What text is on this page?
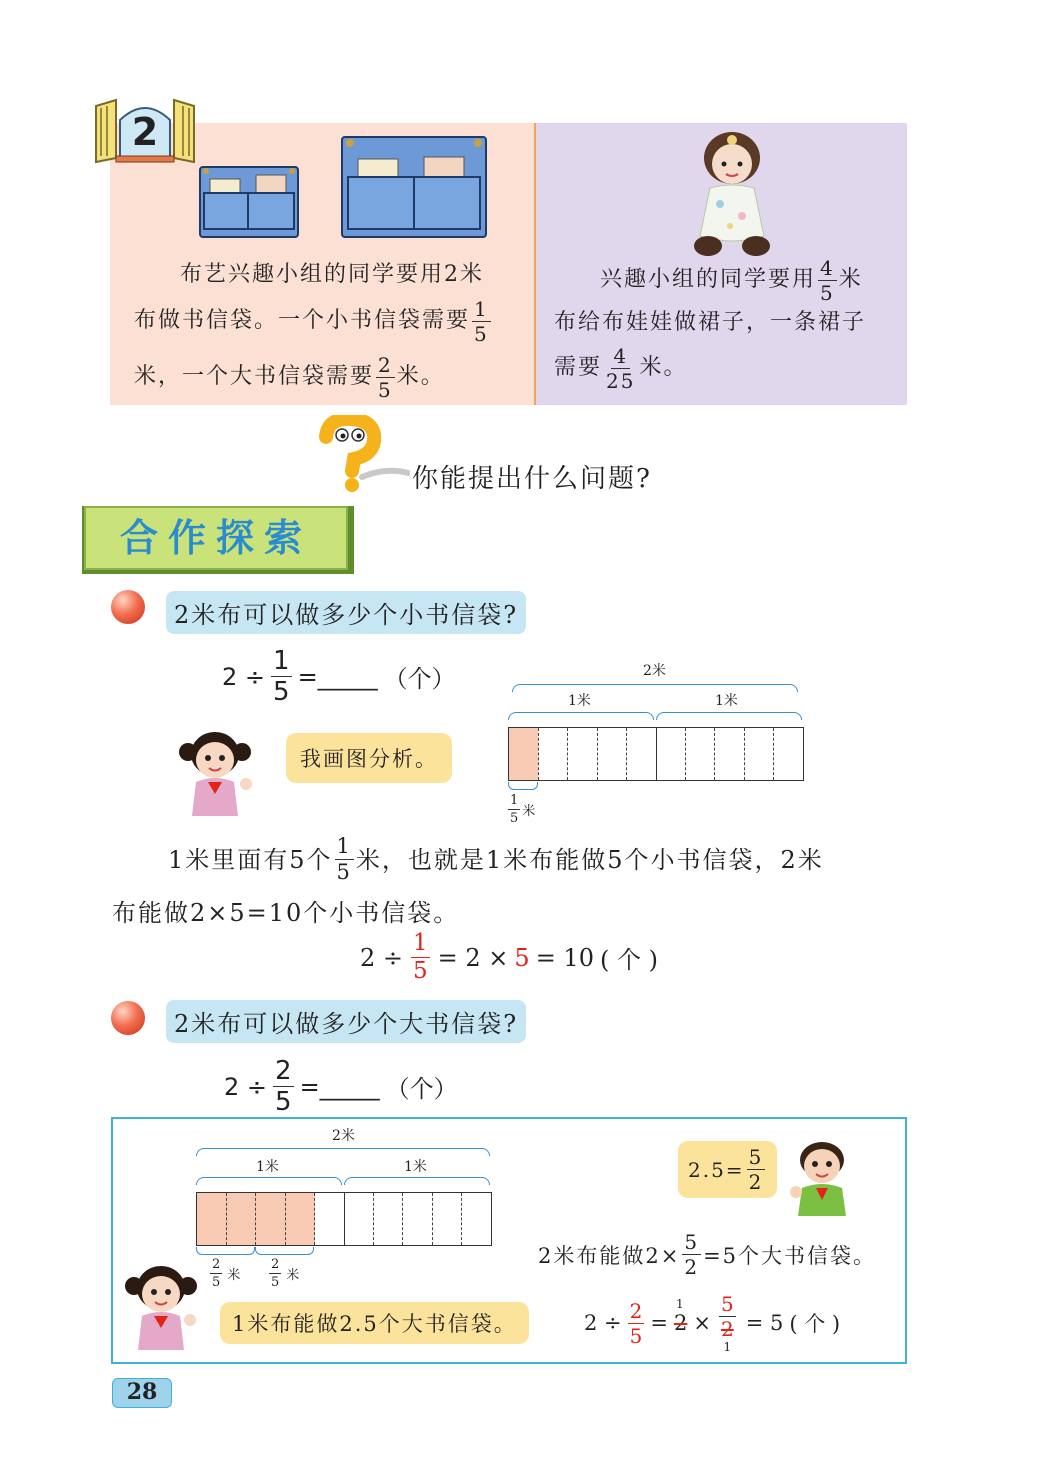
2
布艺兴趣小组的同学要用2米
布做书信袋。一个小书信袋需要 $\frac{1}{5}$
米，一个大书信袋需要 $\frac{2}{5}$ 米。
兴趣小组的同学要用 $\frac{4}{5}$ 米
布给布娃娃做裙子，一条裙子
需要 $\frac{4}{25}$ 米。
你能提出什么问题?
合作探索
2米布可以做多少个小书信袋?
$2 \div \frac{1}{5}$ =_____ （个）	2米
1米	1米
$\frac{1}{5}$ 米
我画图分析。
1米里面有5个 $\frac{1}{5}$ 米，也就是1米布能做5个小书信袋，2米
布能做2×5=10个小书信袋。
$2 \div \frac{1}{5} = 2 \times 5 = 10$ ( 个 )
2米布可以做多少个大书信袋?
$2 \div \frac{2}{5}$ =_____ （个）
2米
1米	1米
$\frac{2}{5}$ 米 $\frac{2}{5}$ 米
1米布能做2.5个大书信袋。
$2.5= \frac{5}{2}$
2米布能做$2\times \frac{5}{2} =5$个大书信袋。
$2 \div \frac{2}{5}$ =
1
2 ×
5
2
1
= 5 ( 个 )
28
